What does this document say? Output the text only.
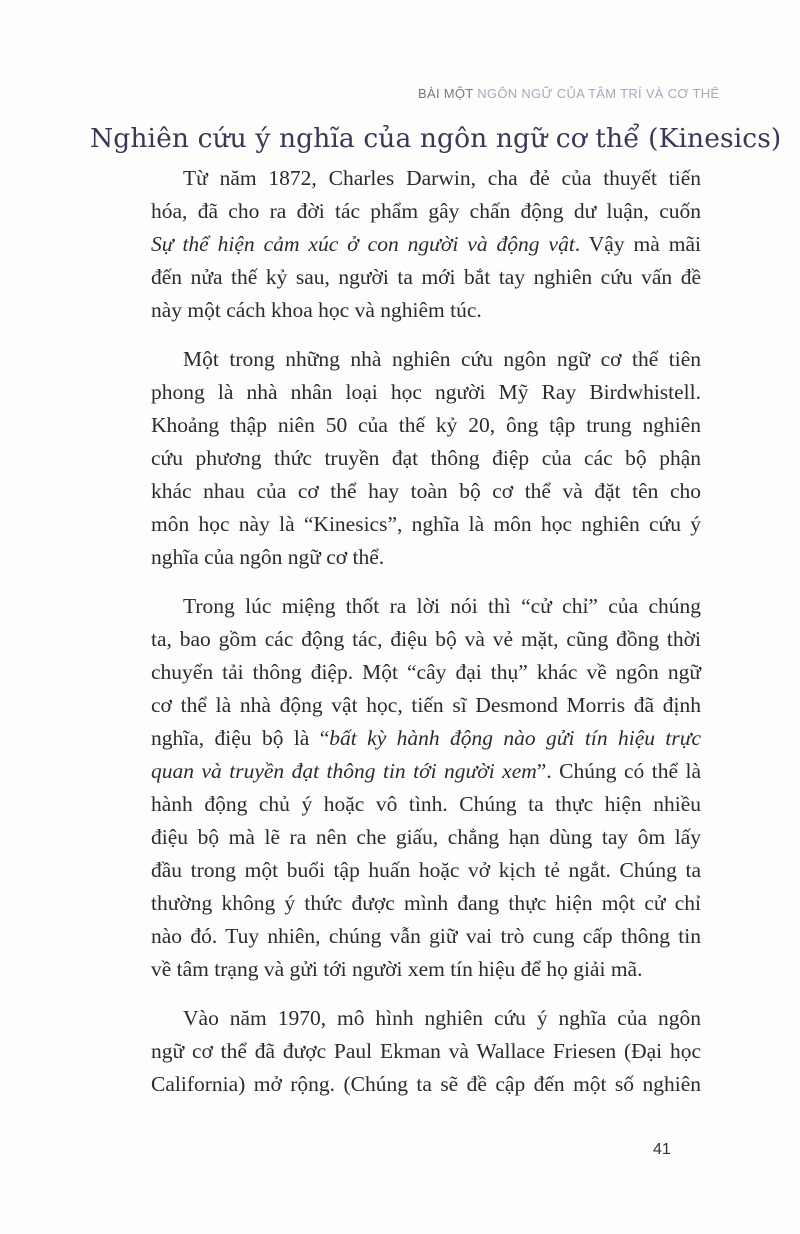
BÀI MỘT NGÔN NGỮ CỦA TÂM TRÍ VÀ CƠ THỂ
Nghiên cứu ý nghĩa của ngôn ngữ cơ thể (Kinesics)
Từ năm 1872, Charles Darwin, cha đẻ của thuyết tiến
hóa, đã cho ra đời tác phẩm gây chấn động dư luận, cuốn
Sự thể hiện cảm xúc ở con người và động vật. Vậy mà mãi
đến nửa thế kỷ sau, người ta mới bắt tay nghiên cứu vấn đề
này một cách khoa học và nghiêm túc.
Một trong những nhà nghiên cứu ngôn ngữ cơ thể tiên
phong là nhà nhân loại học người Mỹ Ray Birdwhistell.
Khoảng thập niên 50 của thế kỷ 20, ông tập trung nghiên
cứu phương thức truyền đạt thông điệp của các bộ phận
khác nhau của cơ thể hay toàn bộ cơ thể và đặt tên cho
môn học này là “Kinesics”, nghĩa là môn học nghiên cứu ý
nghĩa của ngôn ngữ cơ thể.
Trong lúc miệng thốt ra lời nói thì “cử chỉ” của chúng
ta, bao gồm các động tác, điệu bộ và vẻ mặt, cũng đồng thời
chuyển tải thông điệp. Một “cây đại thụ” khác về ngôn ngữ
cơ thể là nhà động vật học, tiến sĩ Desmond Morris đã định
nghĩa, điệu bộ là “bất kỳ hành động nào gửi tín hiệu trực
quan và truyền đạt thông tin tới người xem”. Chúng có thể là
hành động chủ ý hoặc vô tình. Chúng ta thực hiện nhiều
điệu bộ mà lẽ ra nên che giấu, chẳng hạn dùng tay ôm lấy
đầu trong một buổi tập huấn hoặc vở kịch tẻ ngắt. Chúng ta
thường không ý thức được mình đang thực hiện một cử chỉ
nào đó. Tuy nhiên, chúng vẫn giữ vai trò cung cấp thông tin
về tâm trạng và gửi tới người xem tín hiệu để họ giải mã.
Vào năm 1970, mô hình nghiên cứu ý nghĩa của ngôn
ngữ cơ thể đã được Paul Ekman và Wallace Friesen (Đại học
California) mở rộng. (Chúng ta sẽ đề cập đến một số nghiên
41
